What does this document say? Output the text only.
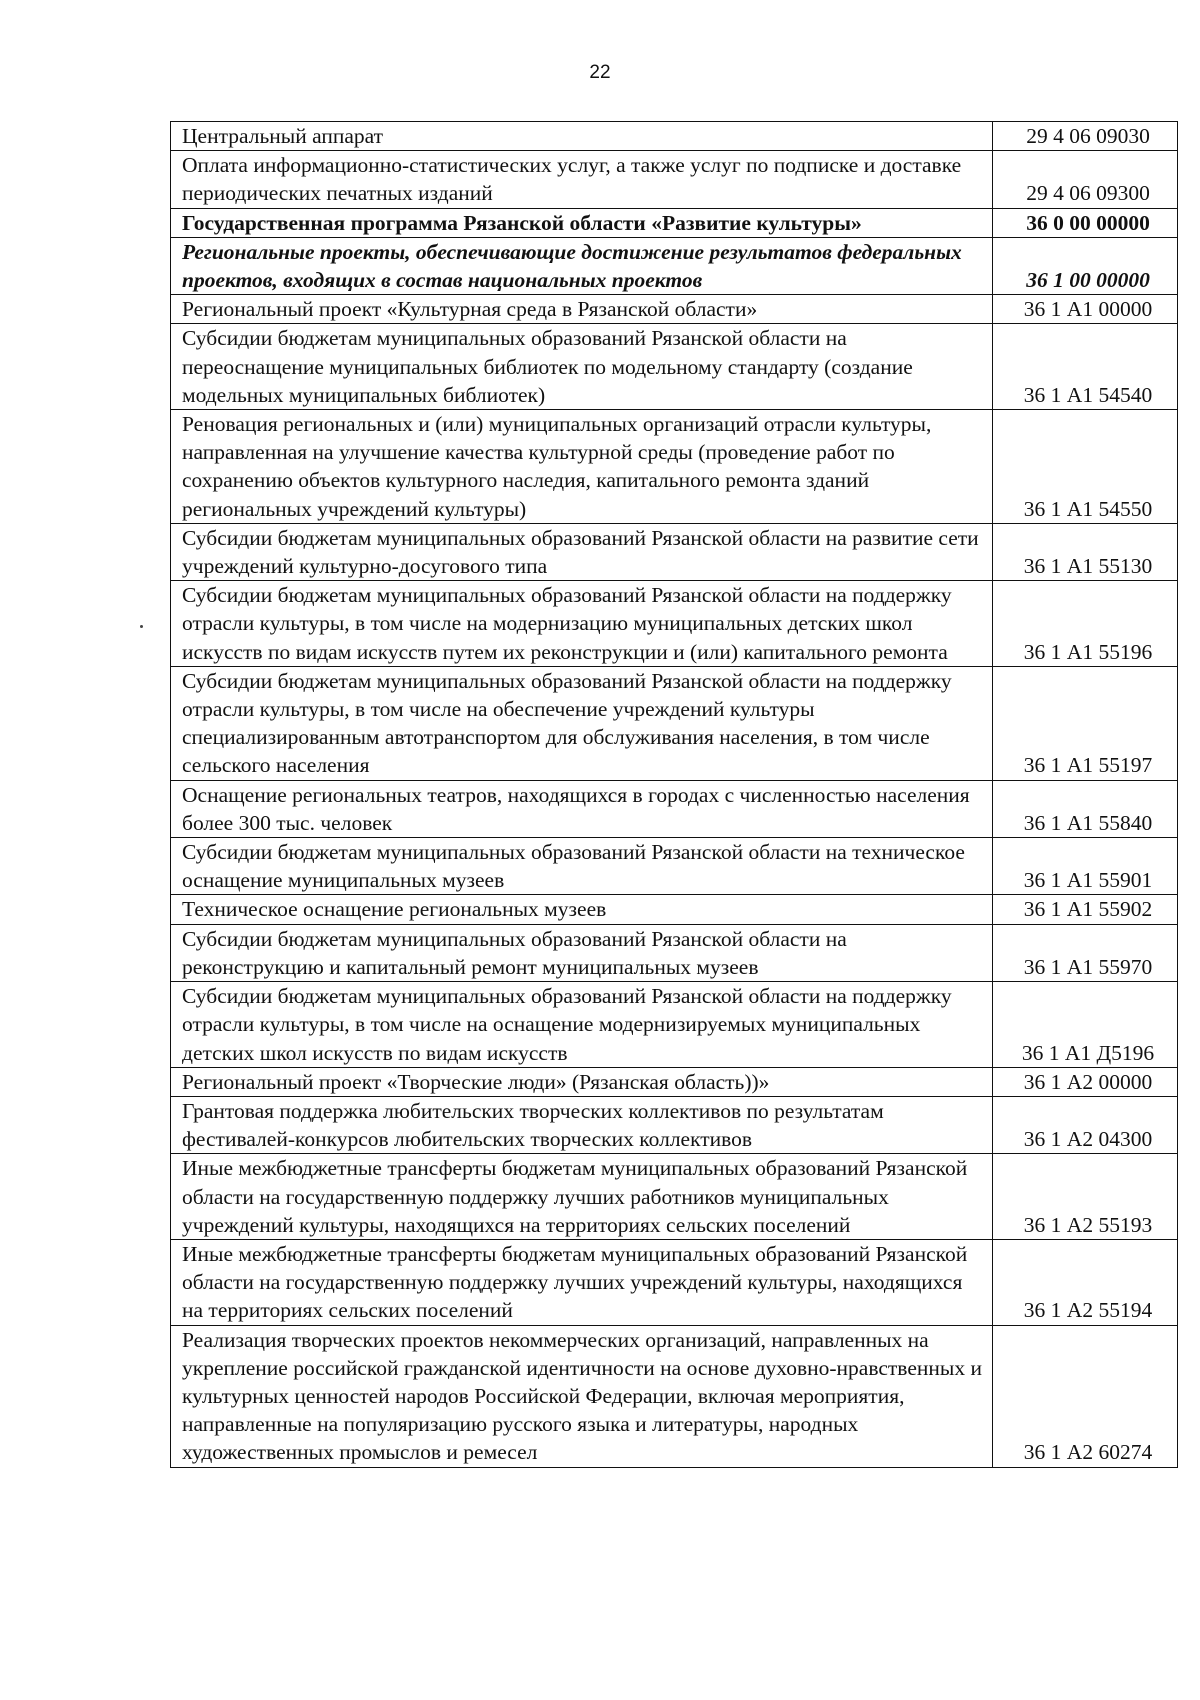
22
Центральный аппарат	29 4 06 09030
Оплата информационно-статистических услуг, а также услуг по подписке и доставке периодических печатных изданий	29 4 06 09300
Государственная программа Рязанской области «Развитие культуры»	36 0 00 00000
Региональные проекты, обеспечивающие достижение результатов федеральных проектов, входящих в состав национальных проектов	36 1 00 00000
Региональный проект «Культурная среда в Рязанской области»	36 1 А1 00000
Субсидии бюджетам муниципальных образований Рязанской области на переоснащение муниципальных библиотек по модельному стандарту (создание модельных муниципальных библиотек)	36 1 А1 54540
Реновация региональных и (или) муниципальных организаций отрасли культуры, направленная на улучшение качества культурной среды (проведение работ по сохранению объектов культурного наследия, капитального ремонта зданий региональных учреждений культуры)	36 1 А1 54550
Субсидии бюджетам муниципальных образований Рязанской области на развитие сети учреждений культурно-досугового типа	36 1 А1 55130
Субсидии бюджетам муниципальных образований Рязанской области на поддержку отрасли культуры, в том числе на модернизацию муниципальных детских школ искусств по видам искусств путем их реконструкции и (или) капитального ремонта	36 1 А1 55196
Субсидии бюджетам муниципальных образований Рязанской области на поддержку отрасли культуры, в том числе на обеспечение учреждений культуры специализированным автотранспортом для обслуживания населения, в том числе сельского населения	36 1 А1 55197
Оснащение региональных театров, находящихся в городах с численностью населения более 300 тыс. человек	36 1 А1 55840
Субсидии бюджетам муниципальных образований Рязанской области на техническое оснащение муниципальных музеев	36 1 А1 55901
Техническое оснащение региональных музеев	36 1 А1 55902
Субсидии бюджетам муниципальных образований Рязанской области на реконструкцию и капитальный ремонт муниципальных музеев	36 1 А1 55970
Субсидии бюджетам муниципальных образований Рязанской области на поддержку отрасли культуры, в том числе на оснащение модернизируемых муниципальных детских школ искусств по видам искусств	36 1 А1 Д5196
Региональный проект «Творческие люди» (Рязанская область))»	36 1 А2 00000
Грантовая поддержка любительских творческих коллективов по результатам фестивалей-конкурсов любительских творческих коллективов	36 1 А2 04300
Иные межбюджетные трансферты бюджетам муниципальных образований Рязанской области на государственную поддержку лучших работников муниципальных учреждений культуры, находящихся на территориях сельских поселений	36 1 А2 55193
Иные межбюджетные трансферты бюджетам муниципальных образований Рязанской области на государственную поддержку лучших учреждений культуры, находящихся на территориях сельских поселений	36 1 А2 55194
Реализация творческих проектов некоммерческих организаций, направленных на укрепление российской гражданской идентичности на основе духовно-нравственных и культурных ценностей народов Российской Федерации, включая мероприятия, направленные на популяризацию русского языка и литературы, народных художественных промыслов и ремесел	36 1 А2 60274
